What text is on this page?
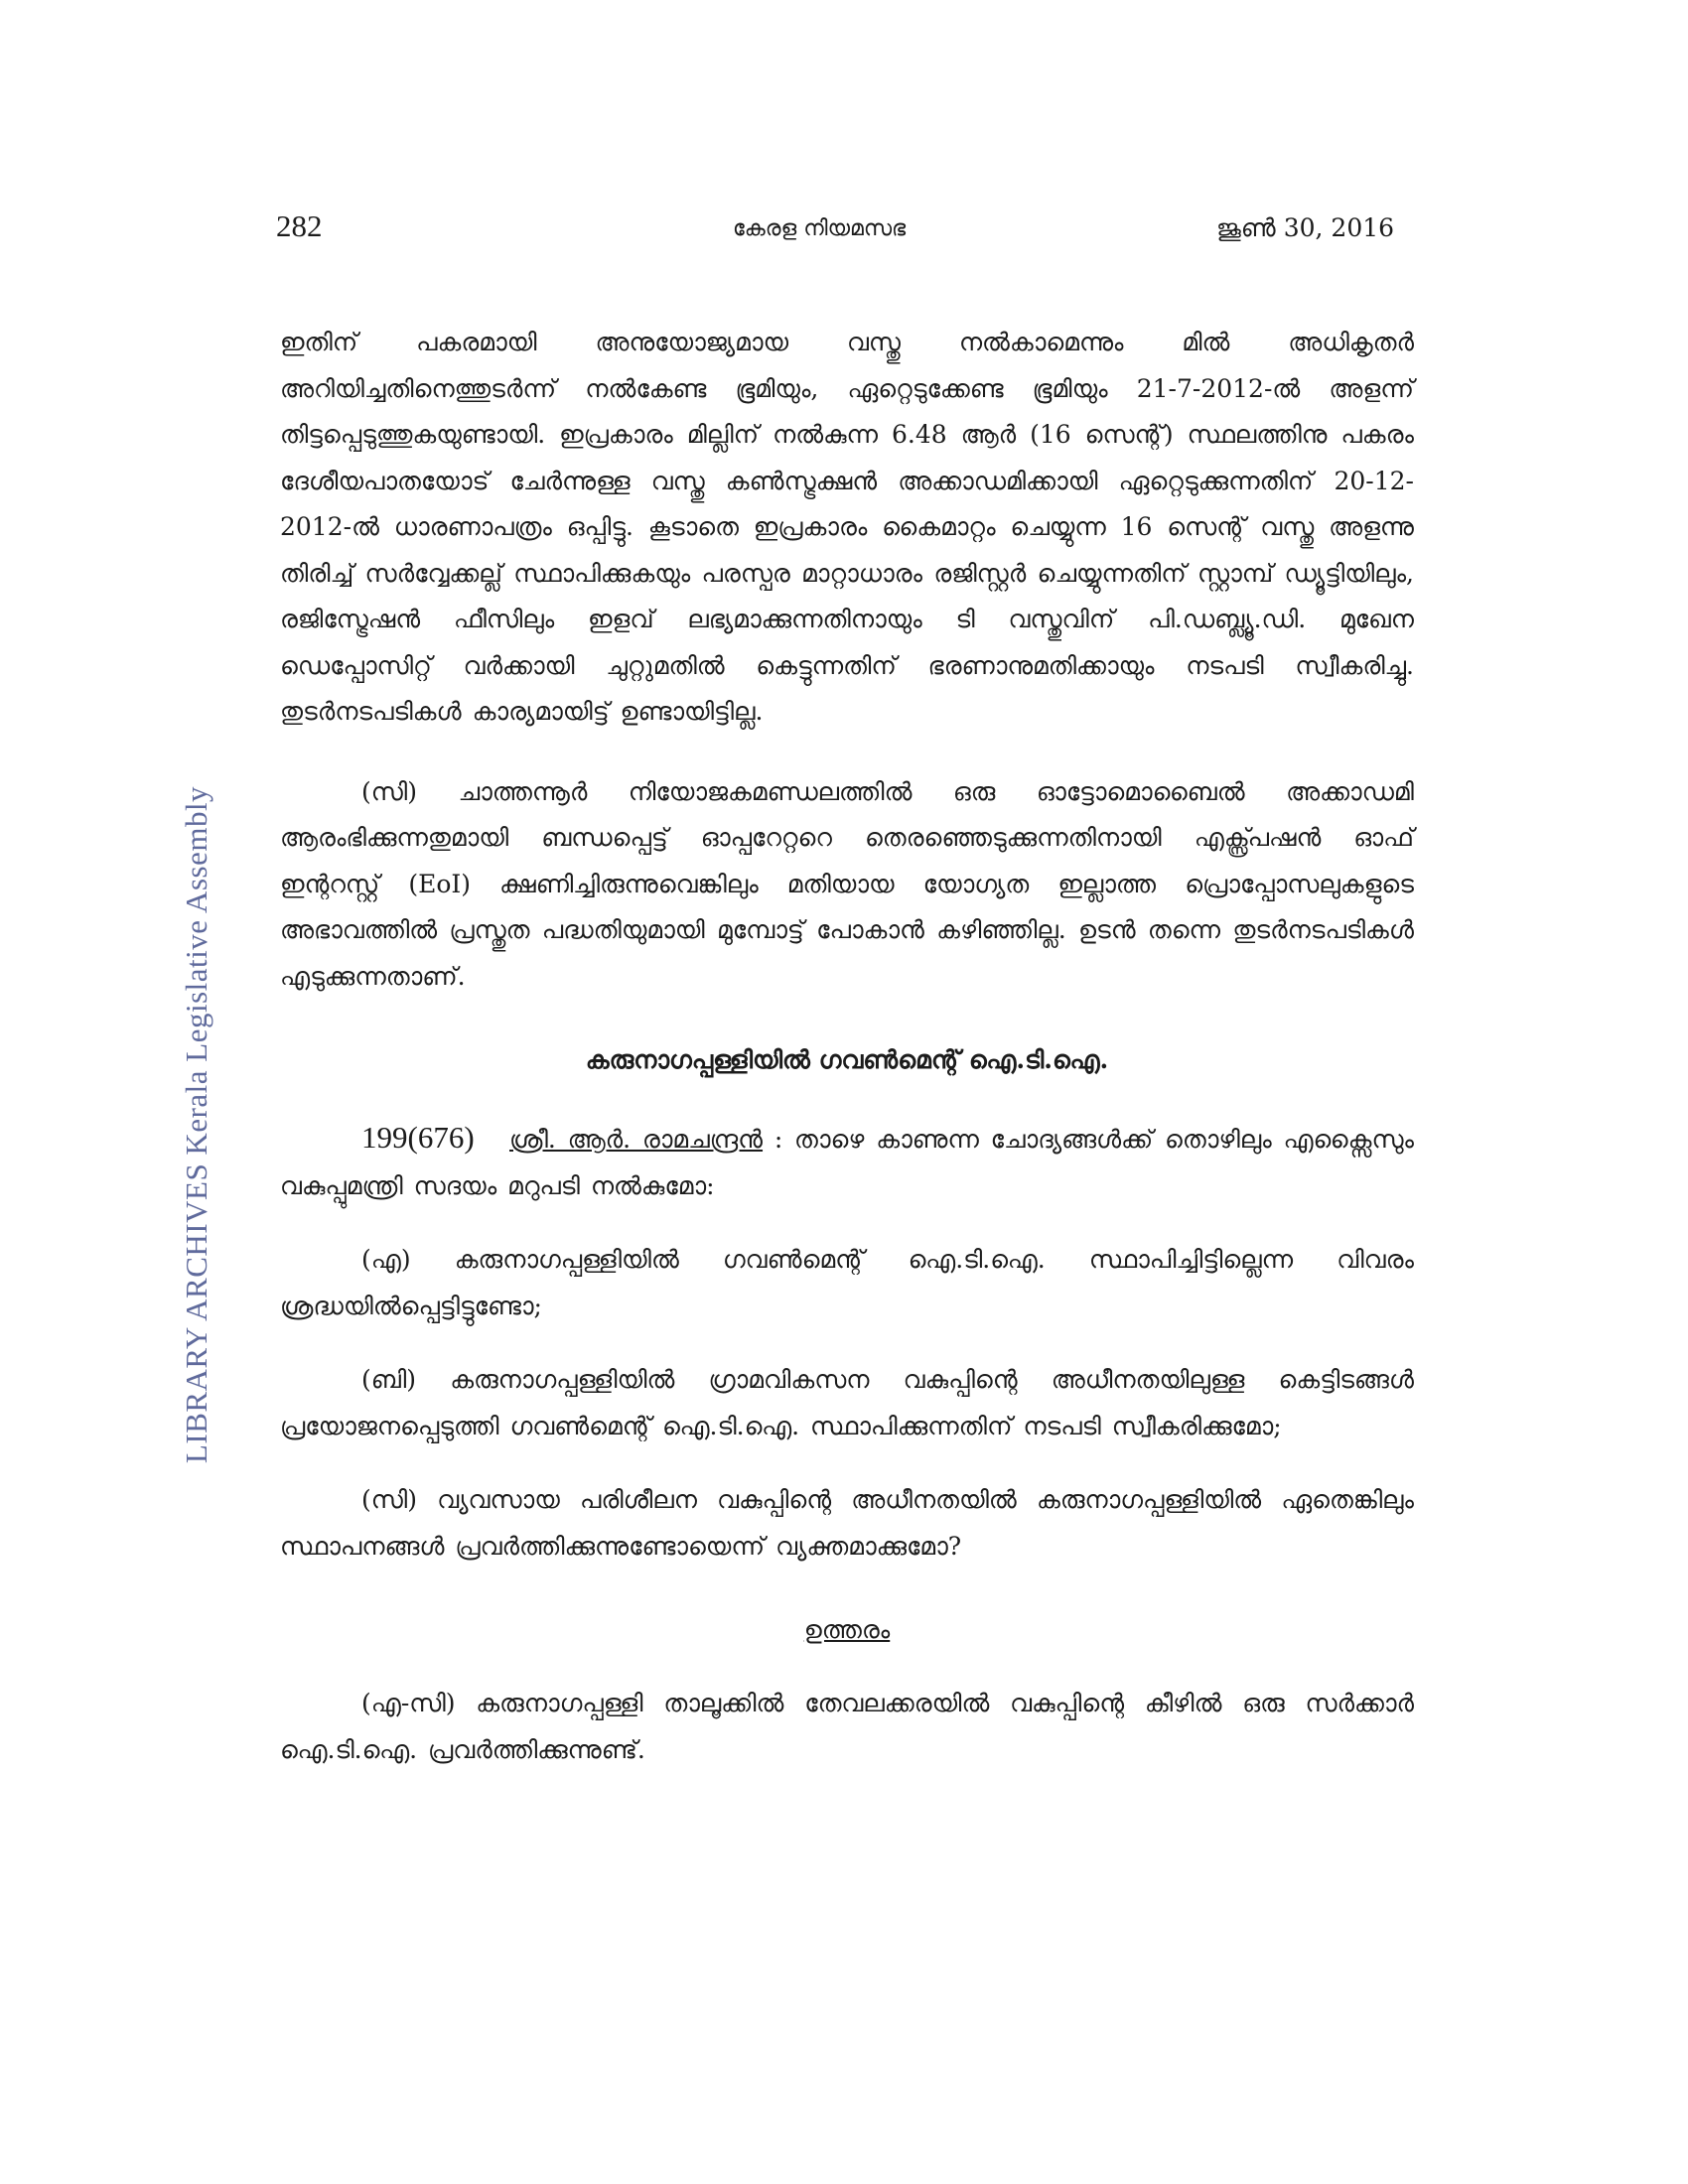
282	കേരള നിയമസഭ	ജൂൺ 30, 2016
LIBRARY ARCHIVES Kerala Legislative Assembly

ഇതിന് പകരമായി അനുയോജ്യമായ വസ്തു നൽകാമെന്നും മിൽ അധികൃതർ അറിയിച്ചതിനെത്തുടർന്ന് നൽകേണ്ട ഭൂമിയും, ഏറ്റെടുക്കേണ്ട ഭൂമിയും 21-7-2012-ൽ അളന്ന് തിട്ടപ്പെടുത്തുകയുണ്ടായി. ഇപ്രകാരം മില്ലിന് നൽകുന്ന 6.48 ആർ (16 സെന്റ്) സ്ഥലത്തിനു പകരം ദേശീയപാതയോട് ചേർന്നുള്ള വസ്തു കൺസ്ട്രക്ഷൻ അക്കാഡമിക്കായി ഏറ്റെടുക്കുന്നതിന് 20-12-2012-ൽ ധാരണാപത്രം ഒപ്പിട്ടു. കൂടാതെ ഇപ്രകാരം കൈമാറ്റം ചെയ്യുന്ന 16 സെന്റ് വസ്തു അളന്നു തിരിച്ച് സർവ്വേക്കല്ല് സ്ഥാപിക്കുകയും പരസ്പര മാറ്റാധാരം രജിസ്റ്റർ ചെയ്യുന്നതിന് സ്റ്റാമ്പ് ഡ്യൂട്ടിയിലും, രജിസ്ട്രേഷൻ ഫീസിലും ഇളവ് ലഭ്യമാക്കുന്നതിനായും ടി വസ്തുവിന് പി.ഡബ്ല്യൂ.ഡി. മുഖേന ഡെപ്പോസിറ്റ് വർക്കായി ചുറ്റുമതിൽ കെട്ടുന്നതിന് ഭരണാനുമതിക്കായും നടപടി സ്വീകരിച്ചു. തുടർനടപടികൾ കാര്യമായിട്ട് ഉണ്ടായിട്ടില്ല.

(സി) ചാത്തന്നൂർ നിയോജകമണ്ഡലത്തിൽ ഒരു ഓട്ടോമൊബൈൽ അക്കാഡമി ആരംഭിക്കുന്നതുമായി ബന്ധപ്പെട്ട് ഓപ്പറേറ്ററെ തെരഞ്ഞെടുക്കുന്നതിനായി എക്സ്പ്രഷൻ ഓഫ് ഇന്ററസ്റ്റ് (EoI) ക്ഷണിച്ചിരുന്നുവെങ്കിലും മതിയായ യോഗ്യത ഇല്ലാത്ത പ്രൊപ്പോസലുകളുടെ അഭാവത്തിൽ പ്രസ്തുത പദ്ധതിയുമായി മുമ്പോട്ട് പോകാൻ കഴിഞ്ഞില്ല. ഉടൻ തന്നെ തുടർനടപടികൾ എടുക്കുന്നതാണ്.

കരുനാഗപ്പള്ളിയിൽ ഗവൺമെന്റ് ഐ.ടി.ഐ.

199(676) ശ്രീ. ആർ. രാമചന്ദ്രൻ : താഴെ കാണുന്ന ചോദ്യങ്ങൾക്ക് തൊഴിലും എക്സൈസും വകുപ്പുമന്ത്രി സദയം മറുപടി നൽകുമോ:

(എ) കരുനാഗപ്പള്ളിയിൽ ഗവൺമെന്റ് ഐ.ടി.ഐ. സ്ഥാപിച്ചിട്ടില്ലെന്ന വിവരം ശ്രദ്ധയിൽപ്പെട്ടിട്ടുണ്ടോ;

(ബി) കരുനാഗപ്പള്ളിയിൽ ഗ്രാമവികസന വകുപ്പിന്റെ അധീനതയിലുള്ള കെട്ടിടങ്ങൾ പ്രയോജനപ്പെടുത്തി ഗവൺമെന്റ് ഐ.ടി.ഐ. സ്ഥാപിക്കുന്നതിന് നടപടി സ്വീകരിക്കുമോ;

(സി) വ്യവസായ പരിശീലന വകുപ്പിന്റെ അധീനതയിൽ കരുനാഗപ്പള്ളിയിൽ ഏതെങ്കിലും സ്ഥാപനങ്ങൾ പ്രവർത്തിക്കുന്നുണ്ടോയെന്ന് വ്യക്തമാക്കുമോ?

ഉത്തരം

(എ-സി) കരുനാഗപ്പള്ളി താലൂക്കിൽ തേവലക്കരയിൽ വകുപ്പിന്റെ കീഴിൽ ഒരു സർക്കാർ ഐ.ടി.ഐ. പ്രവർത്തിക്കുന്നുണ്ട്.
